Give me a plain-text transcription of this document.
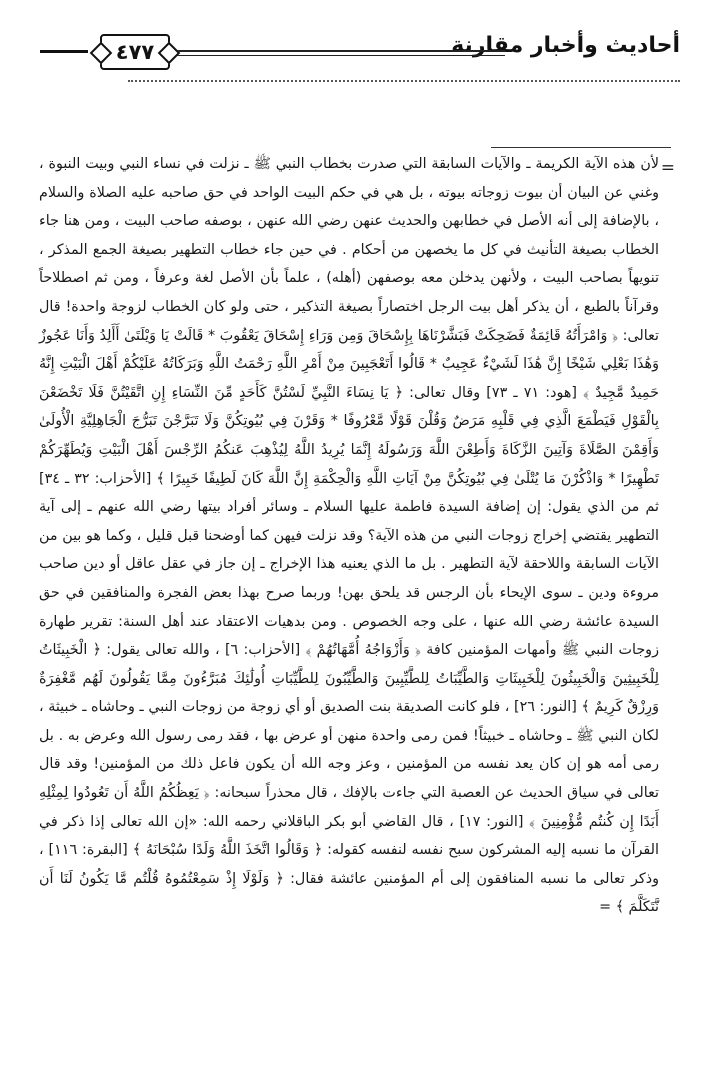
أحاديث وأخبار مقارنة
٤٧٧
=

لأن هذه الآية الكريمة ـ والآيات السابقة التي صدرت بخطاب النبي ﷺ ـ نزلت في نساء النبي وبيت النبوة ، وغني عن البيان أن بيوت زوجاته بيوته ، بل هي في حكم البيت الواحد في حق صاحبه عليه الصلاة والسلام ، بالإضافة إلى أنه الأصل في خطابهن والحديث عنهن رضي الله عنهن ، بوصفه صاحب البيت ، ومن هنا جاء الخطاب بصيغة التأنيث في كل ما يخصهن من أحكام . في حين جاء خطاب التطهير بصيغة الجمع المذكر ، تنويهاً بصاحب البيت ، ولأنهن يدخلن معه بوصفهن (أهله) ، علماً بأن الأصل لغة وعرفاً ، ومن ثم اصطلاحاً وقرآناً بالطبع ، أن يذكر أهل بيت الرجل اختصاراً بصيغة التذكير ، حتى ولو كان الخطاب لزوجة واحدة! قال تعالى: ﴿ وَامْرَأَتُهُ قَائِمَةٌ فَضَحِكَتْ فَبَشَّرْنَاهَا بِإِسْحَاقَ وَمِن وَرَاءِ إِسْحَاقَ يَعْقُوبَ * قَالَتْ يَا وَيْلَتَىٰ أَأَلِدُ وَأَنَا عَجُوزٌ وَهَٰذَا بَعْلِي شَيْخًا إِنَّ هَٰذَا لَشَيْءٌ عَجِيبٌ * قَالُوا أَتَعْجَبِينَ مِنْ أَمْرِ اللَّهِ رَحْمَتُ اللَّهِ وَبَرَكَاتُهُ عَلَيْكُمْ أَهْلَ الْبَيْتِ إِنَّهُ حَمِيدٌ مَّجِيدٌ ﴾ [هود: ٧١ ـ ٧٣] وقال تعالى: ﴿ يَا نِسَاءَ النَّبِيِّ لَسْتُنَّ كَأَحَدٍ مِّنَ النِّسَاءِ إِنِ اتَّقَيْتُنَّ فَلَا تَخْضَعْنَ بِالْقَوْلِ فَيَطْمَعَ الَّذِي فِي قَلْبِهِ مَرَضٌ وَقُلْنَ قَوْلًا مَّعْرُوفًا * وَقَرْنَ فِي بُيُوتِكُنَّ وَلَا تَبَرَّجْنَ تَبَرُّجَ الْجَاهِلِيَّةِ الْأُولَىٰ وَأَقِمْنَ الصَّلَاةَ وَآتِينَ الزَّكَاةَ وَأَطِعْنَ اللَّهَ وَرَسُولَهُ إِنَّمَا يُرِيدُ اللَّهُ لِيُذْهِبَ عَنكُمُ الرِّجْسَ أَهْلَ الْبَيْتِ وَيُطَهِّرَكُمْ تَطْهِيرًا * وَاذْكُرْنَ مَا يُتْلَىٰ فِي بُيُوتِكُنَّ مِنْ آيَاتِ اللَّهِ وَالْحِكْمَةِ إِنَّ اللَّهَ كَانَ لَطِيفًا خَبِيرًا ﴾ [الأحزاب: ٣٢ ـ ٣٤] ثم من الذي يقول: إن إضافة السيدة فاطمة عليها السلام ـ وسائر أفراد بيتها رضي الله عنهم ـ إلى آية التطهير يقتضي إخراج زوجات النبي من هذه الآية؟ وقد نزلت فيهن كما أوضحنا قبل قليل ، وكما هو بين من الآيات السابقة واللاحقة لآية التطهير . بل ما الذي يعنيه هذا الإخراج ـ إن جاز في عقل عاقل أو دين صاحب مروءة ودين ـ سوى الإيحاء بأن الرجس قد يلحق بهن! وربما صرح بهذا بعض الفجرة والمنافقين في حق السيدة عائشة رضي الله عنها ، على وجه الخصوص . ومن بدهيات الاعتقاد عند أهل السنة: تقرير طهارة زوجات النبي ﷺ وأمهات المؤمنين كافة ﴿ وَأَزْوَاجُهُ أُمَّهَاتُهُمْ ﴾ [الأحزاب: ٦] ، والله تعالى يقول: ﴿ الْخَبِيثَاتُ لِلْخَبِيثِينَ وَالْخَبِيثُونَ لِلْخَبِيثَاتِ وَالطَّيِّبَاتُ لِلطَّيِّبِينَ وَالطَّيِّبُونَ لِلطَّيِّبَاتِ أُولَٰئِكَ مُبَرَّءُونَ مِمَّا يَقُولُونَ لَهُم مَّغْفِرَةٌ وَرِزْقٌ كَرِيمٌ ﴾ [النور: ٢٦] ، فلو كانت الصديقة بنت الصديق أو أي زوجة من زوجات النبي ـ وحاشاه ـ خبيثة ، لكان النبي ﷺ ـ وحاشاه ـ خبيثاً! فمن رمى واحدة منهن أو عرض بها ، فقد رمى رسول الله وعرض به . بل رمى أمه هو إن كان يعد نفسه من المؤمنين ، وعز وجه الله أن يكون فاعل ذلك من المؤمنين! وقد قال تعالى في سياق الحديث عن العصبة التي جاءت بالإفك ، قال محذراً سبحانه: ﴿ يَعِظُكُمُ اللَّهُ أَن تَعُودُوا لِمِثْلِهِ أَبَدًا إِن كُنتُم مُّؤْمِنِينَ ﴾ [النور: ١٧] ، قال القاضي أبو بكر الباقلاني رحمه الله: «إن الله تعالى إذا ذكر في القرآن ما نسبه إليه المشركون سبح نفسه لنفسه كقوله: ﴿ وَقَالُوا اتَّخَذَ اللَّهُ وَلَدًا سُبْحَانَهُ ﴾ [البقرة: ١١٦] ، وذكر تعالى ما نسبه المنافقون إلى أم المؤمنين عائشة فقال: ﴿ وَلَوْلَا إِذْ سَمِعْتُمُوهُ قُلْتُم مَّا يَكُونُ لَنَا أَن نَّتَكَلَّمَ ﴾ =
